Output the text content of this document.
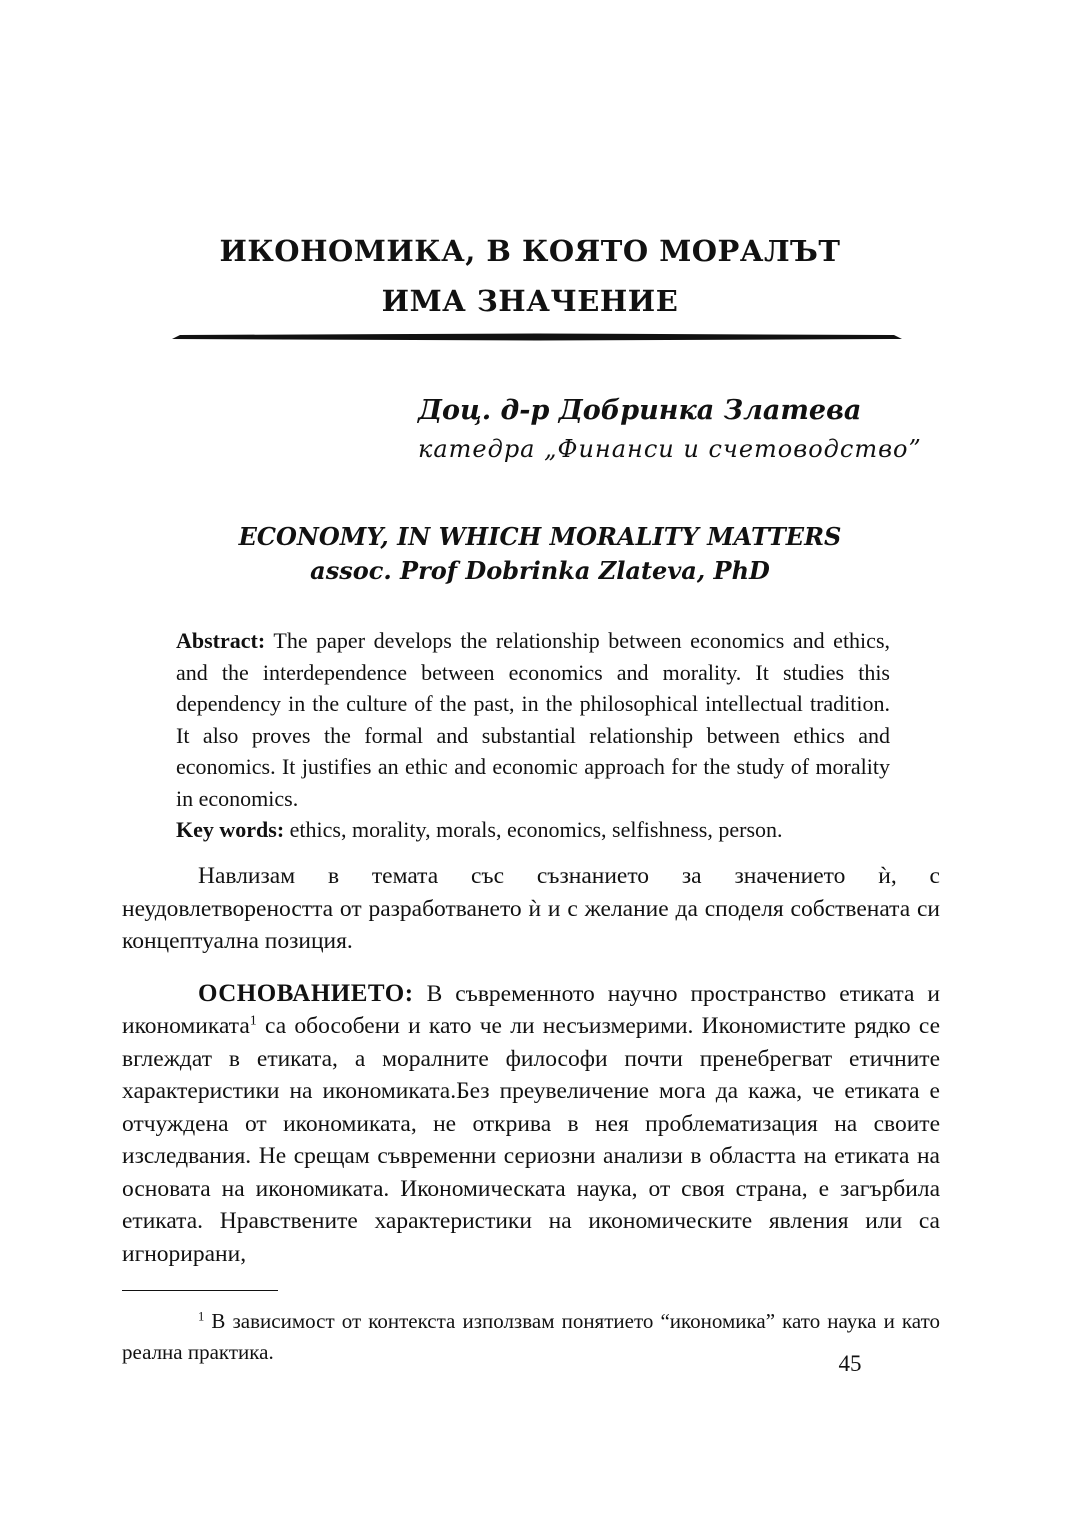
ИКОНОМИКА, В КОЯТО МОРАЛЪТ
ИМА ЗНАЧЕНИЕ
Доц. д-р Добринка Златева
катедра „Финанси и счетоводство”
ECONOMY, IN WHICH MORALITY MATTERS
assoc. Prof Dobrinka Zlateva, PhD

Abstract: The paper develops the relationship between economics and ethics, and the interdependence between economics and morality. It studies this dependency in the culture of the past, in the philosophical intellectual tradition. It also proves the formal and substantial relationship between ethics and economics. It justifies an ethic and economic approach for the study of morality in economics.

Key words: ethics, morality, morals, economics, selfishness, person.

Навлизам в темата със съзнанието за значението ѝ, с неудовлетвореността от разработването ѝ и с желание да споделя собствената си концептуална позиция.

ОСНОВАНИЕТО: В съвременното научно пространство етиката и икономиката$^1$ са обособени и като че ли несъизмерими. Икономистите рядко се вглеждат в етиката, а моралните философи почти пренебрегват етичните характеристики на икономиката.Без преувеличение мога да кажа, че етиката е отчуждена от икономиката, не открива в нея проблематизация на своите изследвания. Не срещам съвременни сериозни анализи в областта на етиката на основата на икономиката. Икономическата наука, от своя страна, е загърбила етиката. Нравствените характеристики на икономическите явления или са игнорирани,

$^1$ В зависимост от контекста използвам понятието “икономика” като наука и като реална практика.	45
